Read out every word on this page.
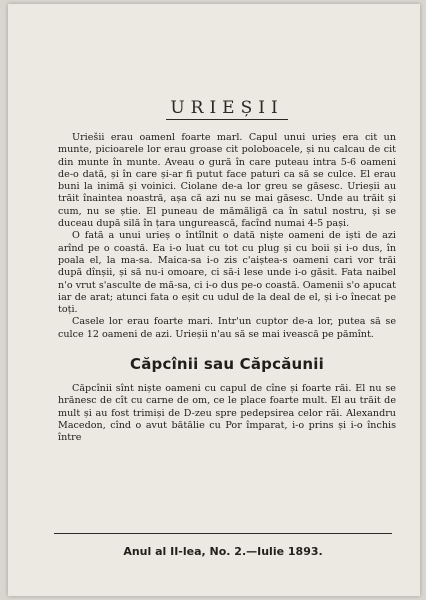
URIEȘII

Uriešii erau oamenl foarte marl. Capul unui urieș era cit un munte, picioarele lor erau groase cit poloboacele, și nu calcau de cit din munte în munte. Aveau o gură în care puteau intra 5-6 oameni de-o dată, și în care și-ar fi putut face paturi ca să se culce. El erau buni la inimă și voinici. Ciolane de-a lor greu se găsesc. Urieșii au trăit înaintea noastră, așa că azi nu se mai găsesc. Unde au trăit și cum, nu se știe. El puneau de mămăligă ca în satul nostru, și se duceau după silă în țara ungurească, facînd numai 4-5 pași.

O fată a unui urieș o întîlnit o dată niște oameni de iști de azi arînd pe o coastă. Ea i-o luat cu tot cu plug și cu boii și i-o dus, în poala el, la ma-sa. Maica-sa i-o zis c'aiștea-s oameni cari vor trăi după dînșii, și să nu-i omoare, ci să-i lese unde i-o găsit. Fata naibel n'o vrut s'asculte de mă-sa, ci i-o dus pe-o coastă. Oamenii s'o apucat iar de arat; atunci fata o eșit cu udul de la deal de el, și i-o înecat pe toți.

Casele lor erau foarte mari. Intr'un cuptor de-a lor, putea să se culce 12 oameni de azi. Urieșii n'au să se mai ivească pe pămînt.

Căpcînii sau Căpcăunii

Căpcînii sînt niște oameni cu capul de cîne și foarte răi. El nu se hrănesc de cît cu carne de om, ce le place foarte mult. El au trăit de mult și au fost trimiși de D-zeu spre pedepsirea celor răi. Alexandru Macedon, cînd o avut bătălie cu Por împarat, i-o prins și i-o închis între

Anul al II-lea, No. 2.—Iulie 1893.
